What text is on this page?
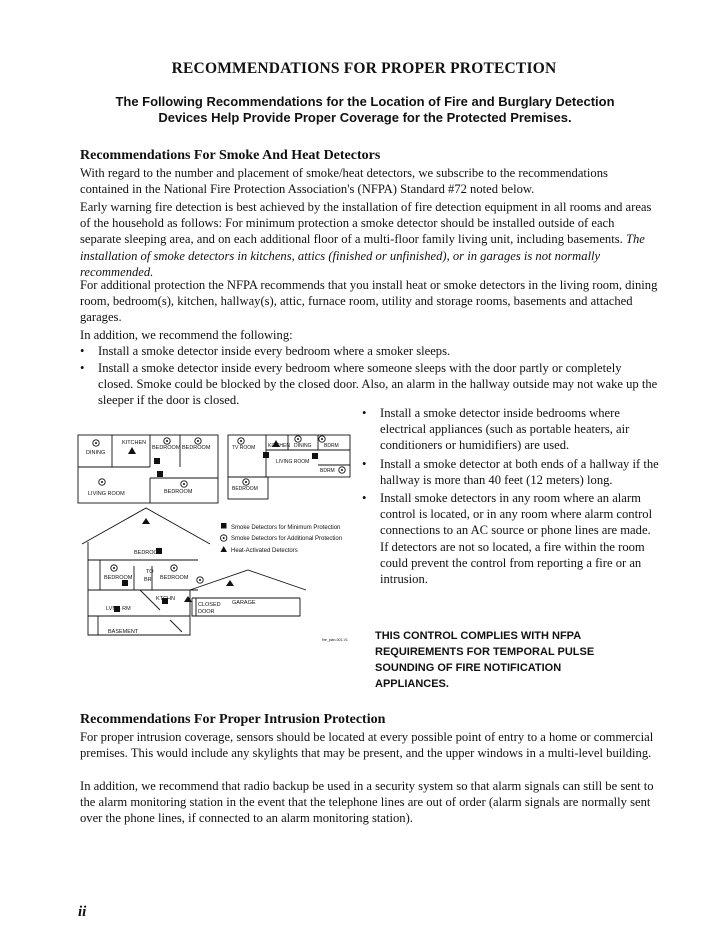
RECOMMENDATIONS FOR PROPER PROTECTION
The Following Recommendations for the Location of Fire and Burglary Detection Devices Help Provide Proper Coverage for the Protected Premises.
Recommendations For Smoke And Heat Detectors

With regard to the number and placement of smoke/heat detectors, we subscribe to the recommendations contained in the National Fire Protection Association's (NFPA) Standard #72 noted below.

Early warning fire detection is best achieved by the installation of fire detection equipment in all rooms and areas of the household as follows: For minimum protection a smoke detector should be installed outside of each separate sleeping area, and on each additional floor of a multi-floor family living unit, including basements. The installation of smoke detectors in kitchens, attics (finished or unfinished), or in garages is not normally recommended.

For additional protection the NFPA recommends that you install heat or smoke detectors in the living room, dining room, bedroom(s), kitchen, hallway(s), attic, furnace room, utility and storage rooms, basements and attached garages.

In addition, we recommend the following:

•	Install a smoke detector inside every bedroom where a smoker sleeps.
•	Install a smoke detector inside every bedroom where someone sleeps with the door partly or completely closed. Smoke could be blocked by the closed door. Also, an alarm in the hallway outside may not wake up the sleeper if the door is closed.
•	Install a smoke detector inside bedrooms where electrical appliances (such as portable heaters, air conditioners or humidifiers) are used.
•	Install a smoke detector at both ends of a hallway if the hallway is more than 40 feet (12 meters) long.
•	Install smoke detectors in any room where an alarm control is located, or in any room where alarm control connections to an AC source or phone lines are made. If detectors are not so located, a fire within the room could prevent the control from reporting a fire or an intrusion.
THIS CONTROL COMPLIES WITH NFPA REQUIREMENTS FOR TEMPORAL PULSE SOUNDING OF FIRE NOTIFICATION APPLIANCES.
DINING
KITCHEN
BEDROOM BEDROOM
LIVING ROOM	BEDROOM
TV ROOM	KITCHEN DINING	BDRM
LIVING ROOM
BDRM
BEDROOM
Smoke Detectors for Minimum Protection
Smoke Detectors for Additional Protection
Heat-Activated Detectors
BEDROOM
BEDROOM
TO
BR BEDROOM
KTCHN
LVNG RM
CLOSED
DOOR
GARAGE
BASEMENT
fire_plan-001-V1
Recommendations For Proper Intrusion Protection

For proper intrusion coverage, sensors should be located at every possible point of entry to a home or commercial premises. This would include any skylights that may be present, and the upper windows in a multi-level building.

In addition, we recommend that radio backup be used in a security system so that alarm signals can still be sent to the alarm monitoring station in the event that the telephone lines are out of order (alarm signals are normally sent over the phone lines, if connected to an alarm monitoring station).

ii
